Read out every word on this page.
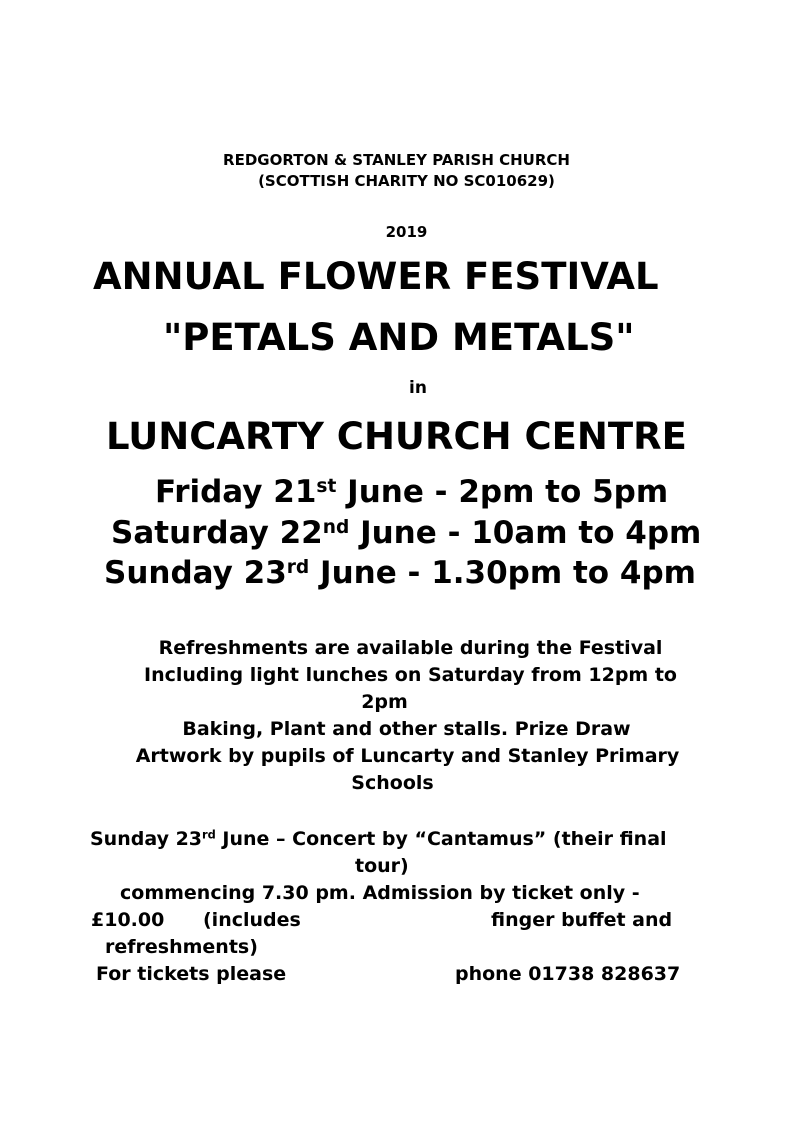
REDGORTON & STANLEY PARISH CHURCH
(SCOTTISH CHARITY NO SC010629)
2019
ANNUAL FLOWER FESTIVAL
"PETALS AND METALS"
in
LUNCARTY CHURCH CENTRE
Friday 21st June - 2pm to 5pm
Saturday 22nd June - 10am to 4pm
Sunday 23rd June - 1.30pm to 4pm
Refreshments are available during the Festival
Including light lunches on Saturday from 12pm to
2pm
Baking, Plant and other stalls. Prize Draw
Artwork by pupils of Luncarty and Stanley Primary
Schools
Sunday 23rd June – Concert by “Cantamus” (their final
tour)
commencing 7.30 pm. Admission by ticket only -
£10.00 (includes	finger buffet and
refreshments)
For tickets please	phone 01738 828637
